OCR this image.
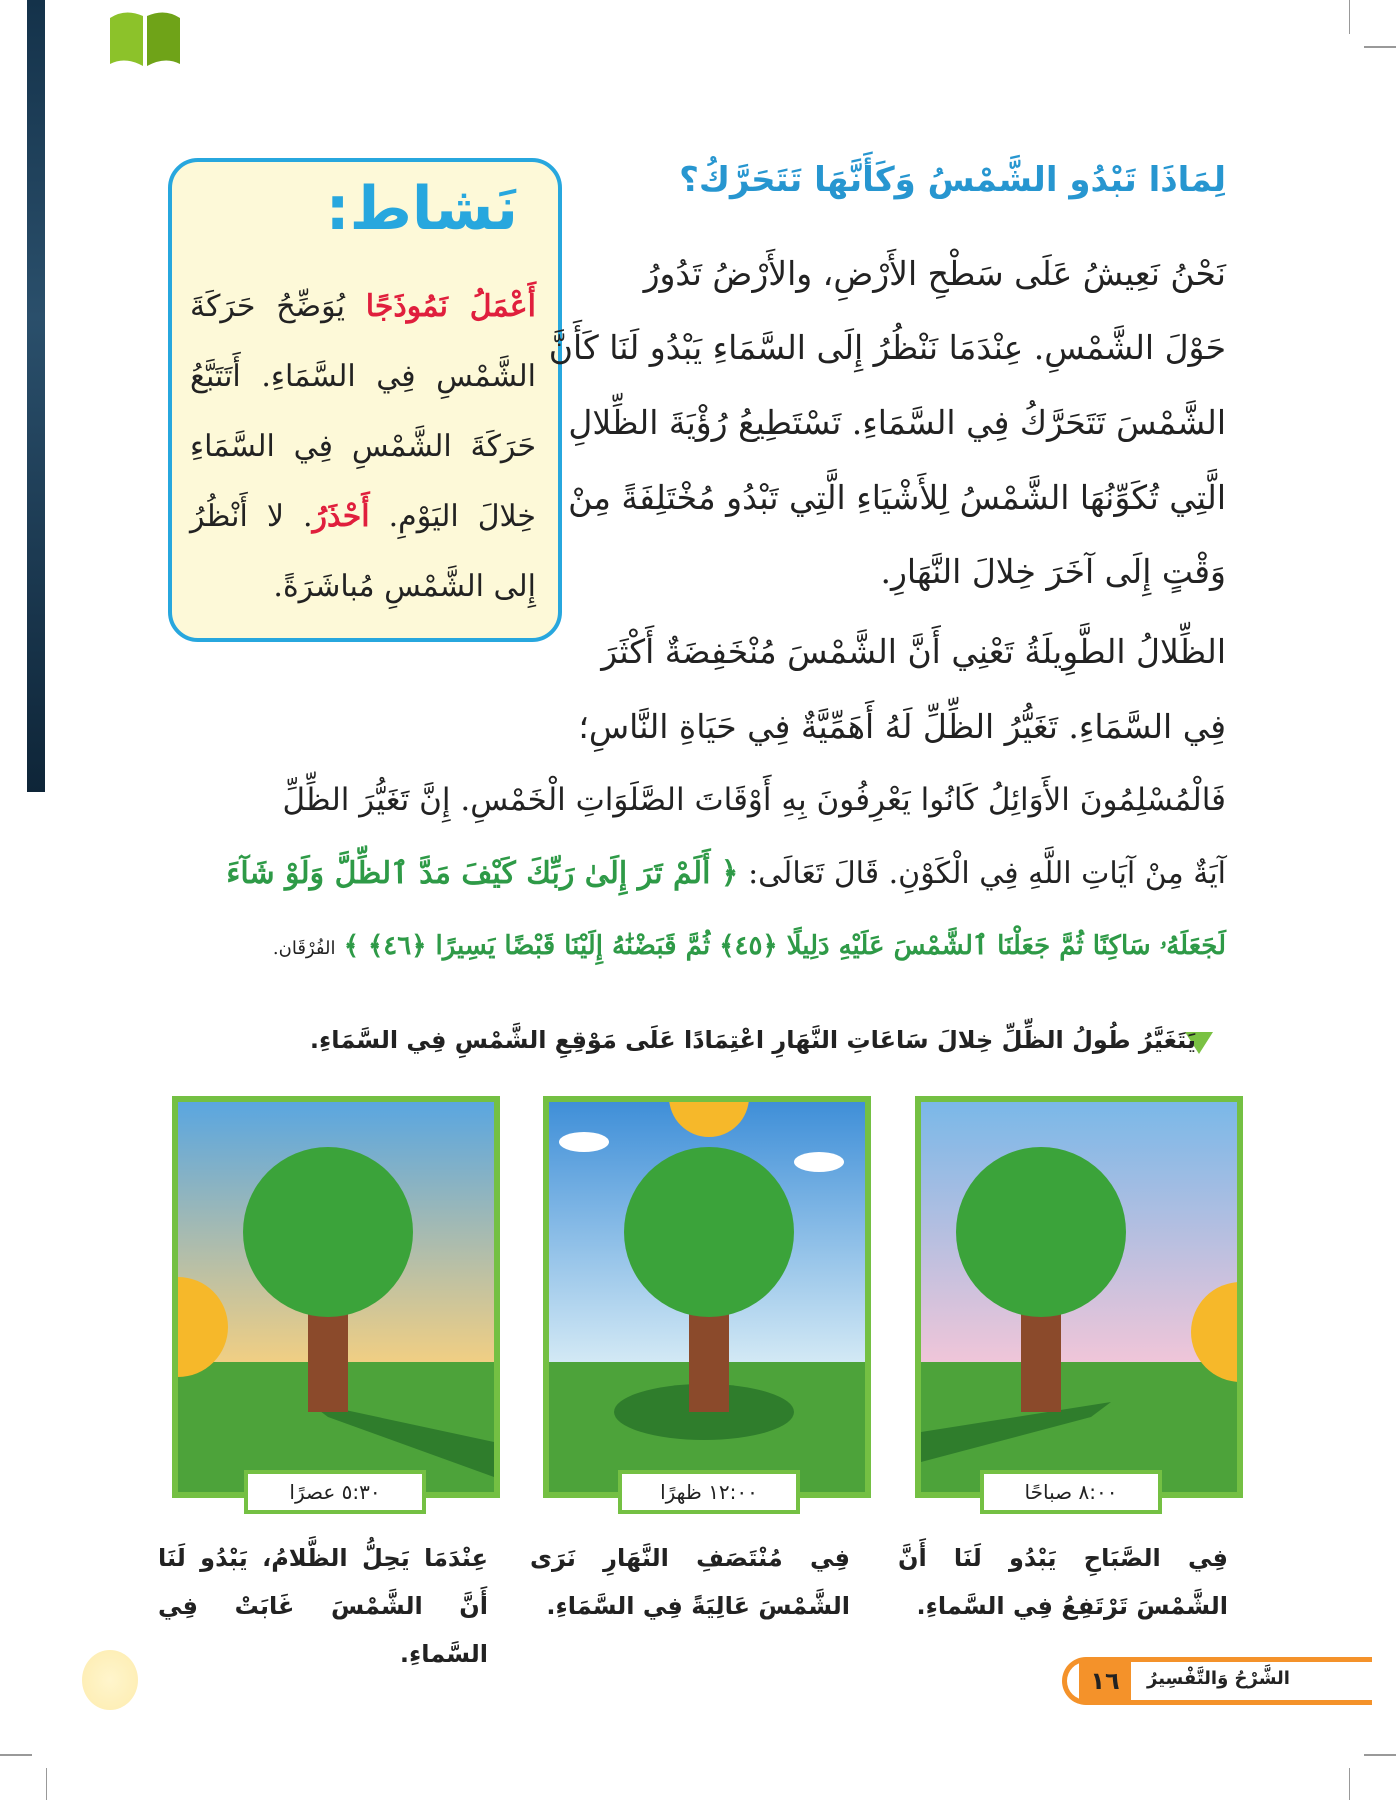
نَشاط:
أَعْمَلُ نَمُوذَجًا يُوَضِّحُ حَرَكَةَ الشَّمْسِ فِي السَّمَاءِ. أَتَتَبَّعُ حَرَكَةَ الشَّمْسِ فِي السَّمَاءِ خِلالَ اليَوْمِ. أَحْذَرُ. لا أَنْظُرُ إِلى الشَّمْسِ مُباشَرَةً.
لِمَاذَا تَبْدُو الشَّمْسُ وَكَأَنَّهَا تَتَحَرَّكُ؟
نَحْنُ نَعِيشُ عَلَى سَطْحِ الأَرْضِ، والأَرْضُ تَدُورُ
حَوْلَ الشَّمْسِ. عِنْدَمَا نَنْظُرُ إِلَى السَّمَاءِ يَبْدُو لَنَا كَأَنَّ
الشَّمْسَ تَتَحَرَّكُ فِي السَّمَاءِ. تَسْتَطِيعُ رُؤْيَةَ الظِّلالِ
الَّتِي تُكَوِّنُهَا الشَّمْسُ لِلأَشْيَاءِ الَّتِي تَبْدُو مُخْتَلِفَةً مِنْ
وَقْتٍ إِلَى آخَرَ خِلالَ النَّهَارِ.
الظِّلالُ الطَّوِيلَةُ تَعْنِي أَنَّ الشَّمْسَ مُنْخَفِضَةٌ أَكْثَرَ
فِي السَّمَاءِ. تَغَيُّرُ الظِّلِّ لَهُ أَهَمِّيَّةٌ فِي حَيَاةِ النَّاسِ؛
فَالْمُسْلِمُونَ الأَوَائِلُ كَانُوا يَعْرِفُونَ بِهِ أَوْقَاتَ الصَّلَوَاتِ الْخَمْسِ. إِنَّ تَغَيُّرَ الظِّلِّ
آيَةٌ مِنْ آيَاتِ اللَّهِ فِي الْكَوْنِ. قَالَ تَعَالَى: ﴿ أَلَمْ تَرَ إِلَىٰ رَبِّكَ كَيْفَ مَدَّ ٱلظِّلَّ وَلَوْ شَآءَ
لَجَعَلَهُۥ سَاكِنًا ثُمَّ جَعَلْنَا ٱلشَّمْسَ عَلَيْهِ دَلِيلًا ﴿٤٥﴾ ثُمَّ قَبَضْنَٰهُ إِلَيْنَا قَبْضًا يَسِيرًا ﴿٤٦﴾ ﴾ الفُرْقَان.
يَتَغَيَّرُ طُولُ الظِّلِّ خِلالَ سَاعَاتِ النَّهَارِ اعْتِمَادًا عَلَى مَوْقِعِ الشَّمْسِ فِي السَّمَاءِ.
٨:٠٠ صباحًا
١٢:٠٠ ظهرًا
٥:٣٠ عصرًا
فِي الصَّبَاحِ يَبْدُو لَنَا أَنَّ الشَّمْسَ تَرْتَفِعُ فِي السَّماءِ.
فِي مُنْتَصَفِ النَّهَارِ نَرَى الشَّمْسَ عَالِيَةً فِي السَّمَاءِ.
عِنْدَمَا يَحِلُّ الظَّلامُ، يَبْدُو لَنَا أَنَّ الشَّمْسَ غَابَتْ فِي السَّماءِ.
١٦	الشَّرْحُ وَالتَّفْسِيرُ
